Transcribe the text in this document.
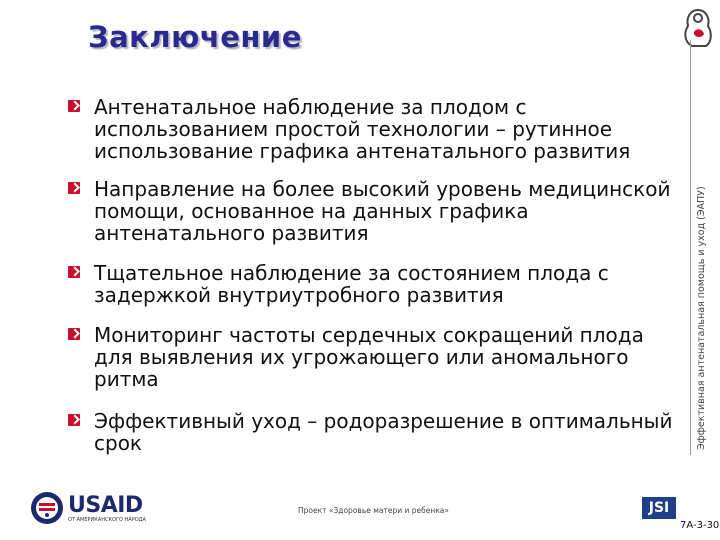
Заключение
Эффективная антенатальная помощь и уход (ЭАПУ)
Антенатальное наблюдение за плодом с использованием простой технологии – рутинное использование графика антенатального развития
Направление на более высокий уровень медицинской помощи, основанное на данных графика антенатального развития
Тщательное наблюдение за состоянием плода с задержкой внутриутробного развития
Мониторинг частоты сердечных сокращений плода для выявления их угрожающего или аномального ритма
Эффективный уход – родоразрешение в оптимальный срок
USAID
ОТ АМЕРИКАНСКОГО НАРОДА
Проект «Здоровье матери и ребенка»	JSI
7A-3-30
